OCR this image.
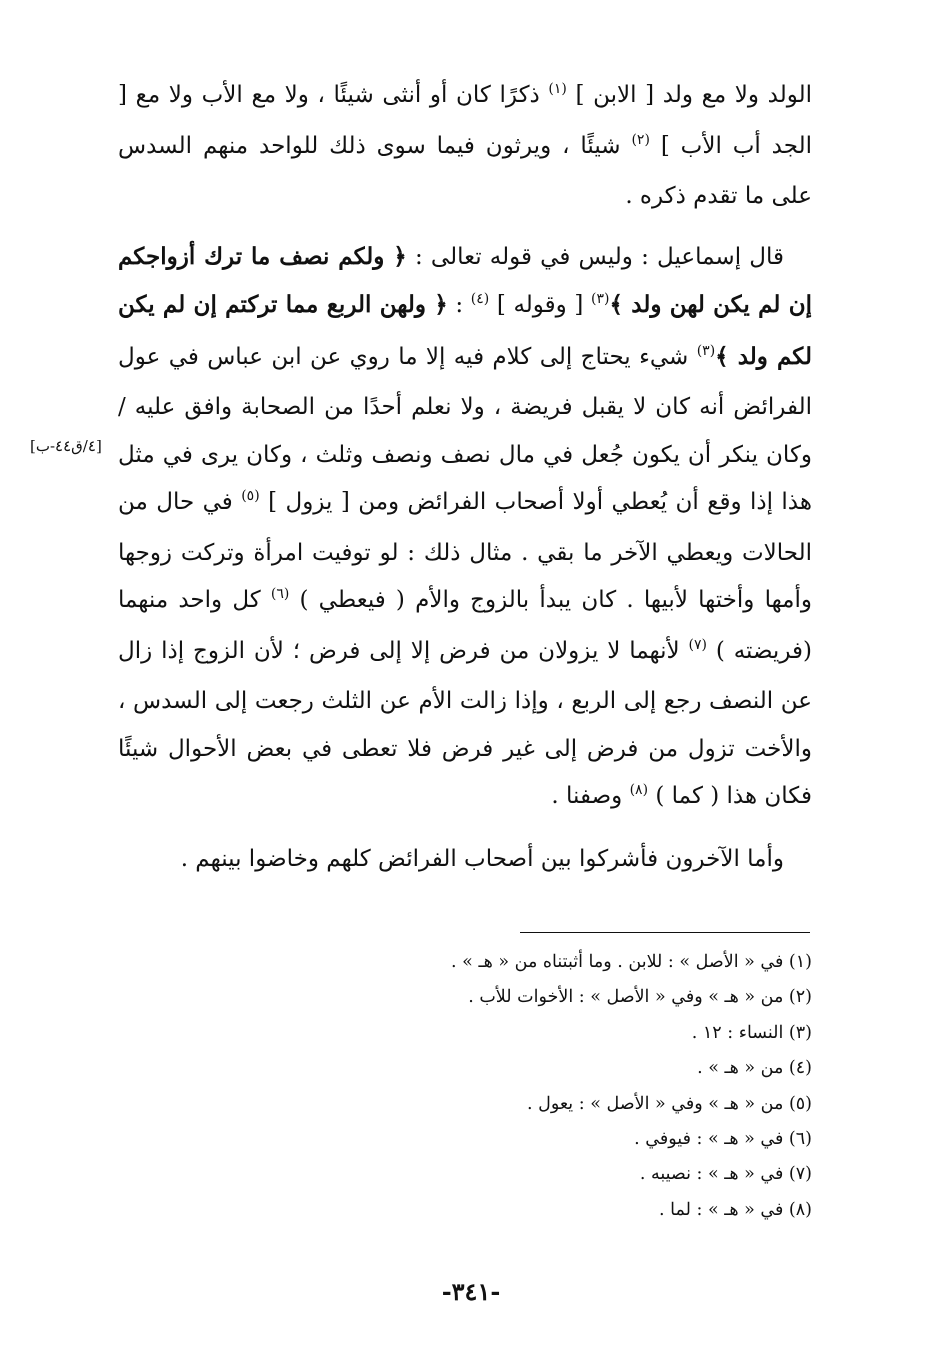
الولد ولا مع ولد [ الابن ] $^{(١)}$ ذكرًا كان أو أنثى شيئًا ، ولا مع الأب ولا مع [ الجد أب الأب ] $^{(٢)}$ شيئًا ، ويرثون فيما سوى ذلك للواحد منهم السدس على ما تقدم ذكره .

قال إسماعيل : وليس في قوله تعالى : ﴿ ولكم نصف ما ترك أزواجكم إن لم يكن لهن ولد ﴾$^{(٣)}$ [ وقوله ] $^{(٤)}$ : ﴿ ولهن الربع مما تركتم إن لم يكن لكم ولد ﴾$^{(٣)}$ شيء يحتاج إلى كلام فيه إلا ما روي عن ابن عباس في عول الفرائض أنه كان لا يقبل فريضة ، ولا نعلم أحدًا من الصحابة وافق عليه / وكان ينكر أن يكون جُعل في مال نصف ونصف وثلث ، وكان يرى في مثل هذا إذا وقع أن يُعطي أولا أصحاب الفرائض ومن [ يزول ] $^{(٥)}$ في حال من الحالات ويعطي الآخر ما بقي . مثال ذلك : لو توفيت امرأة وتركت زوجها وأمها وأختها لأبيها . كان يبدأ بالزوج والأم ( فيعطي ) $^{(٦)}$ كل واحد منهما (فريضته ) $^{(٧)}$ لأنهما لا يزولان من فرض إلا إلى فرض ؛ لأن الزوج إذا زال عن النصف رجع إلى الربع ، وإذا زالت الأم عن الثلث رجعت إلى السدس ، والأخت تزول من فرض إلى غير فرض فلا تعطى في بعض الأحوال شيئًا فكان هذا ( كما ) $^{(٨)}$ وصفنا .

وأما الآخرون فأشركوا بين أصحاب الفرائض كلهم وخاضوا بينهم .

[٤/ق٤٤-ب]
(١) في « الأصل » : للابن . وما أثبتناه من « هـ » .
(٢) من « هـ » وفي « الأصل » : الأخوات للأب .
(٣) النساء : ١٢ .
(٤) من « هـ » .
(٥) من « هـ » وفي « الأصل » : يعول .
(٦) في « هـ » : فيوفي .
(٧) في « هـ » : نصيبه .
(٨) في « هـ » : لما .
-٣٤١-
